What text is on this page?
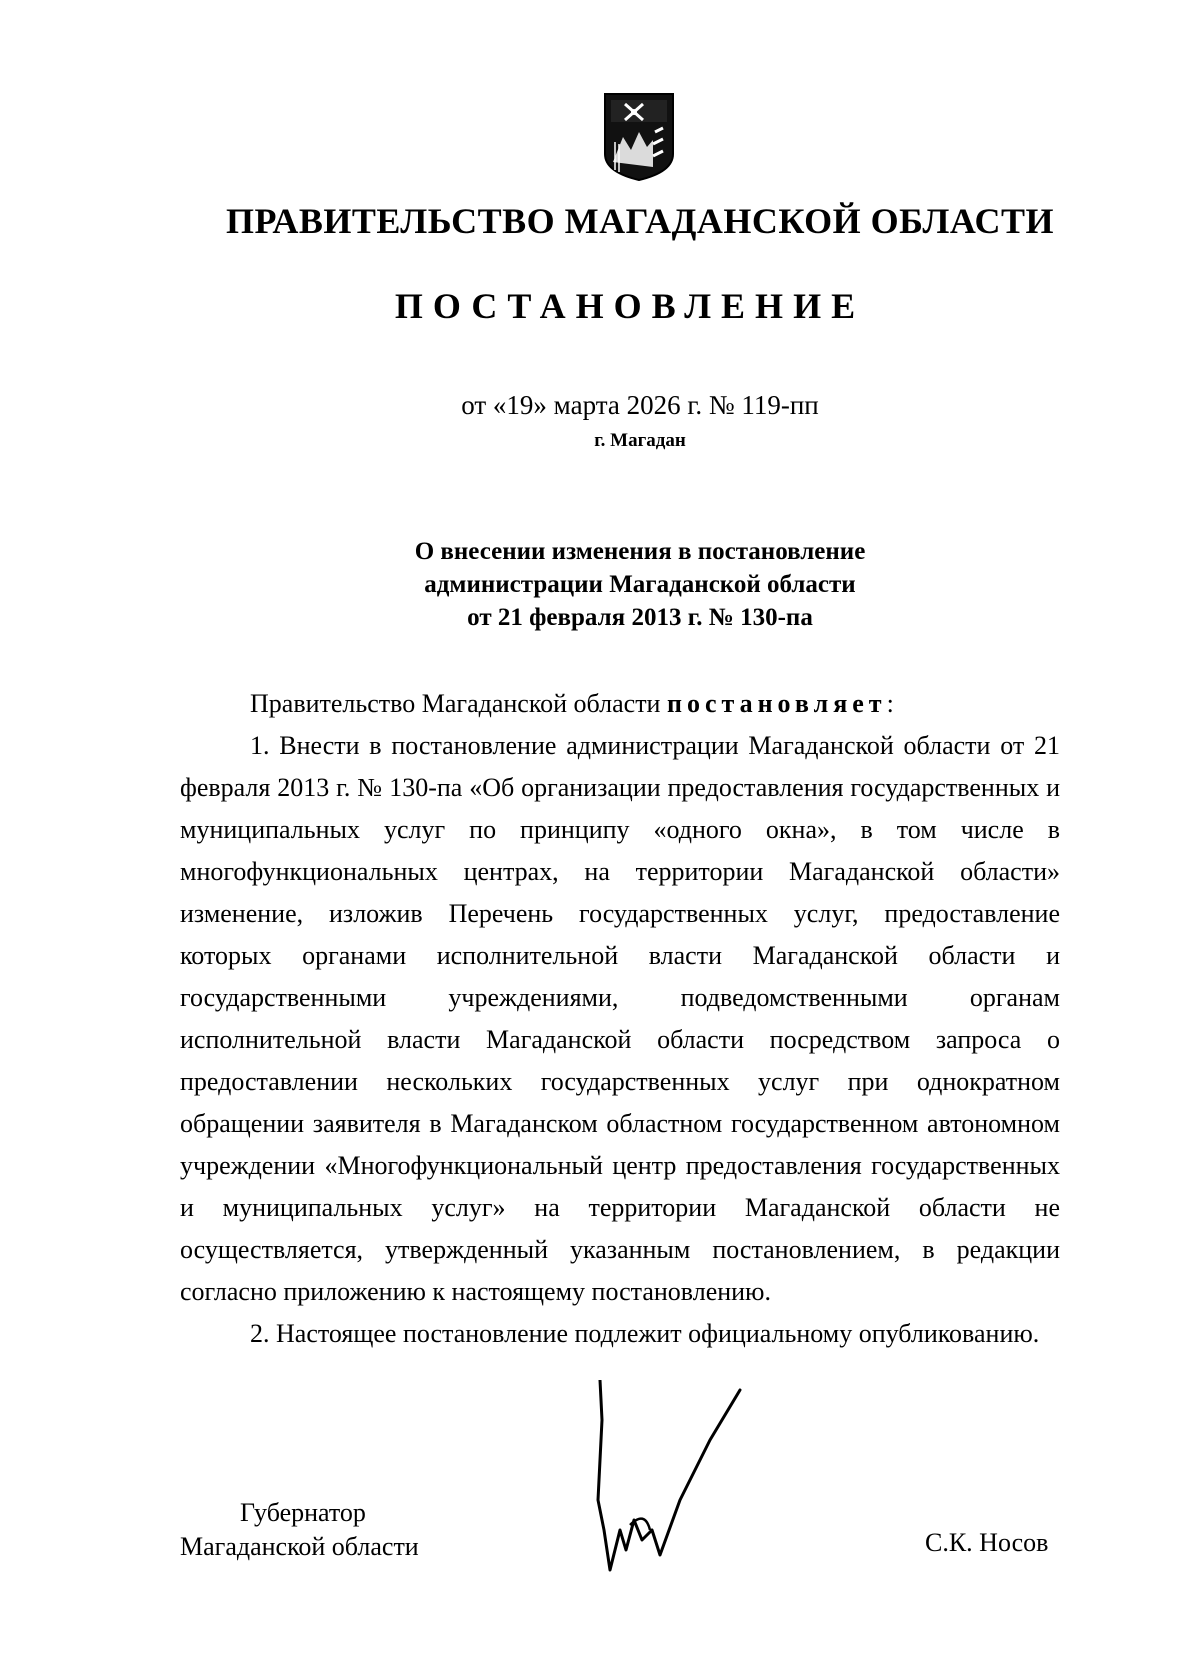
ПРАВИТЕЛЬСТВО МАГАДАНСКОЙ ОБЛАСТИ
ПОСТАНОВЛЕНИЕ
от «19» марта 2026 г. № 119-пп
г. Магадан
О внесении изменения в постановление
администрации Магаданской области
от 21 февраля 2013 г. № 130-па

Правительство Магаданской области постановляет:

1. Внести в постановление администрации Магаданской области от 21 февраля 2013 г. № 130-па «Об организации предоставления государственных и муниципальных услуг по принципу «одного окна», в том числе в многофункциональных центрах, на территории Магаданской области» изменение, изложив Перечень государственных услуг, предоставление которых органами исполнительной власти Магаданской области и государственными учреждениями, подведомственными органам исполнительной власти Магаданской области посредством запроса о предоставлении нескольких государственных услуг при однократном обращении заявителя в Магаданском областном государственном автономном учреждении «Многофункциональный центр предоставления государственных и муниципальных услуг» на территории Магаданской области не осуществляется, утвержденный указанным постановлением, в редакции согласно приложению к настоящему постановлению.

2. Настоящее постановление подлежит официальному опубликованию.

Губернатор
Магаданской области	С.К. Носов
